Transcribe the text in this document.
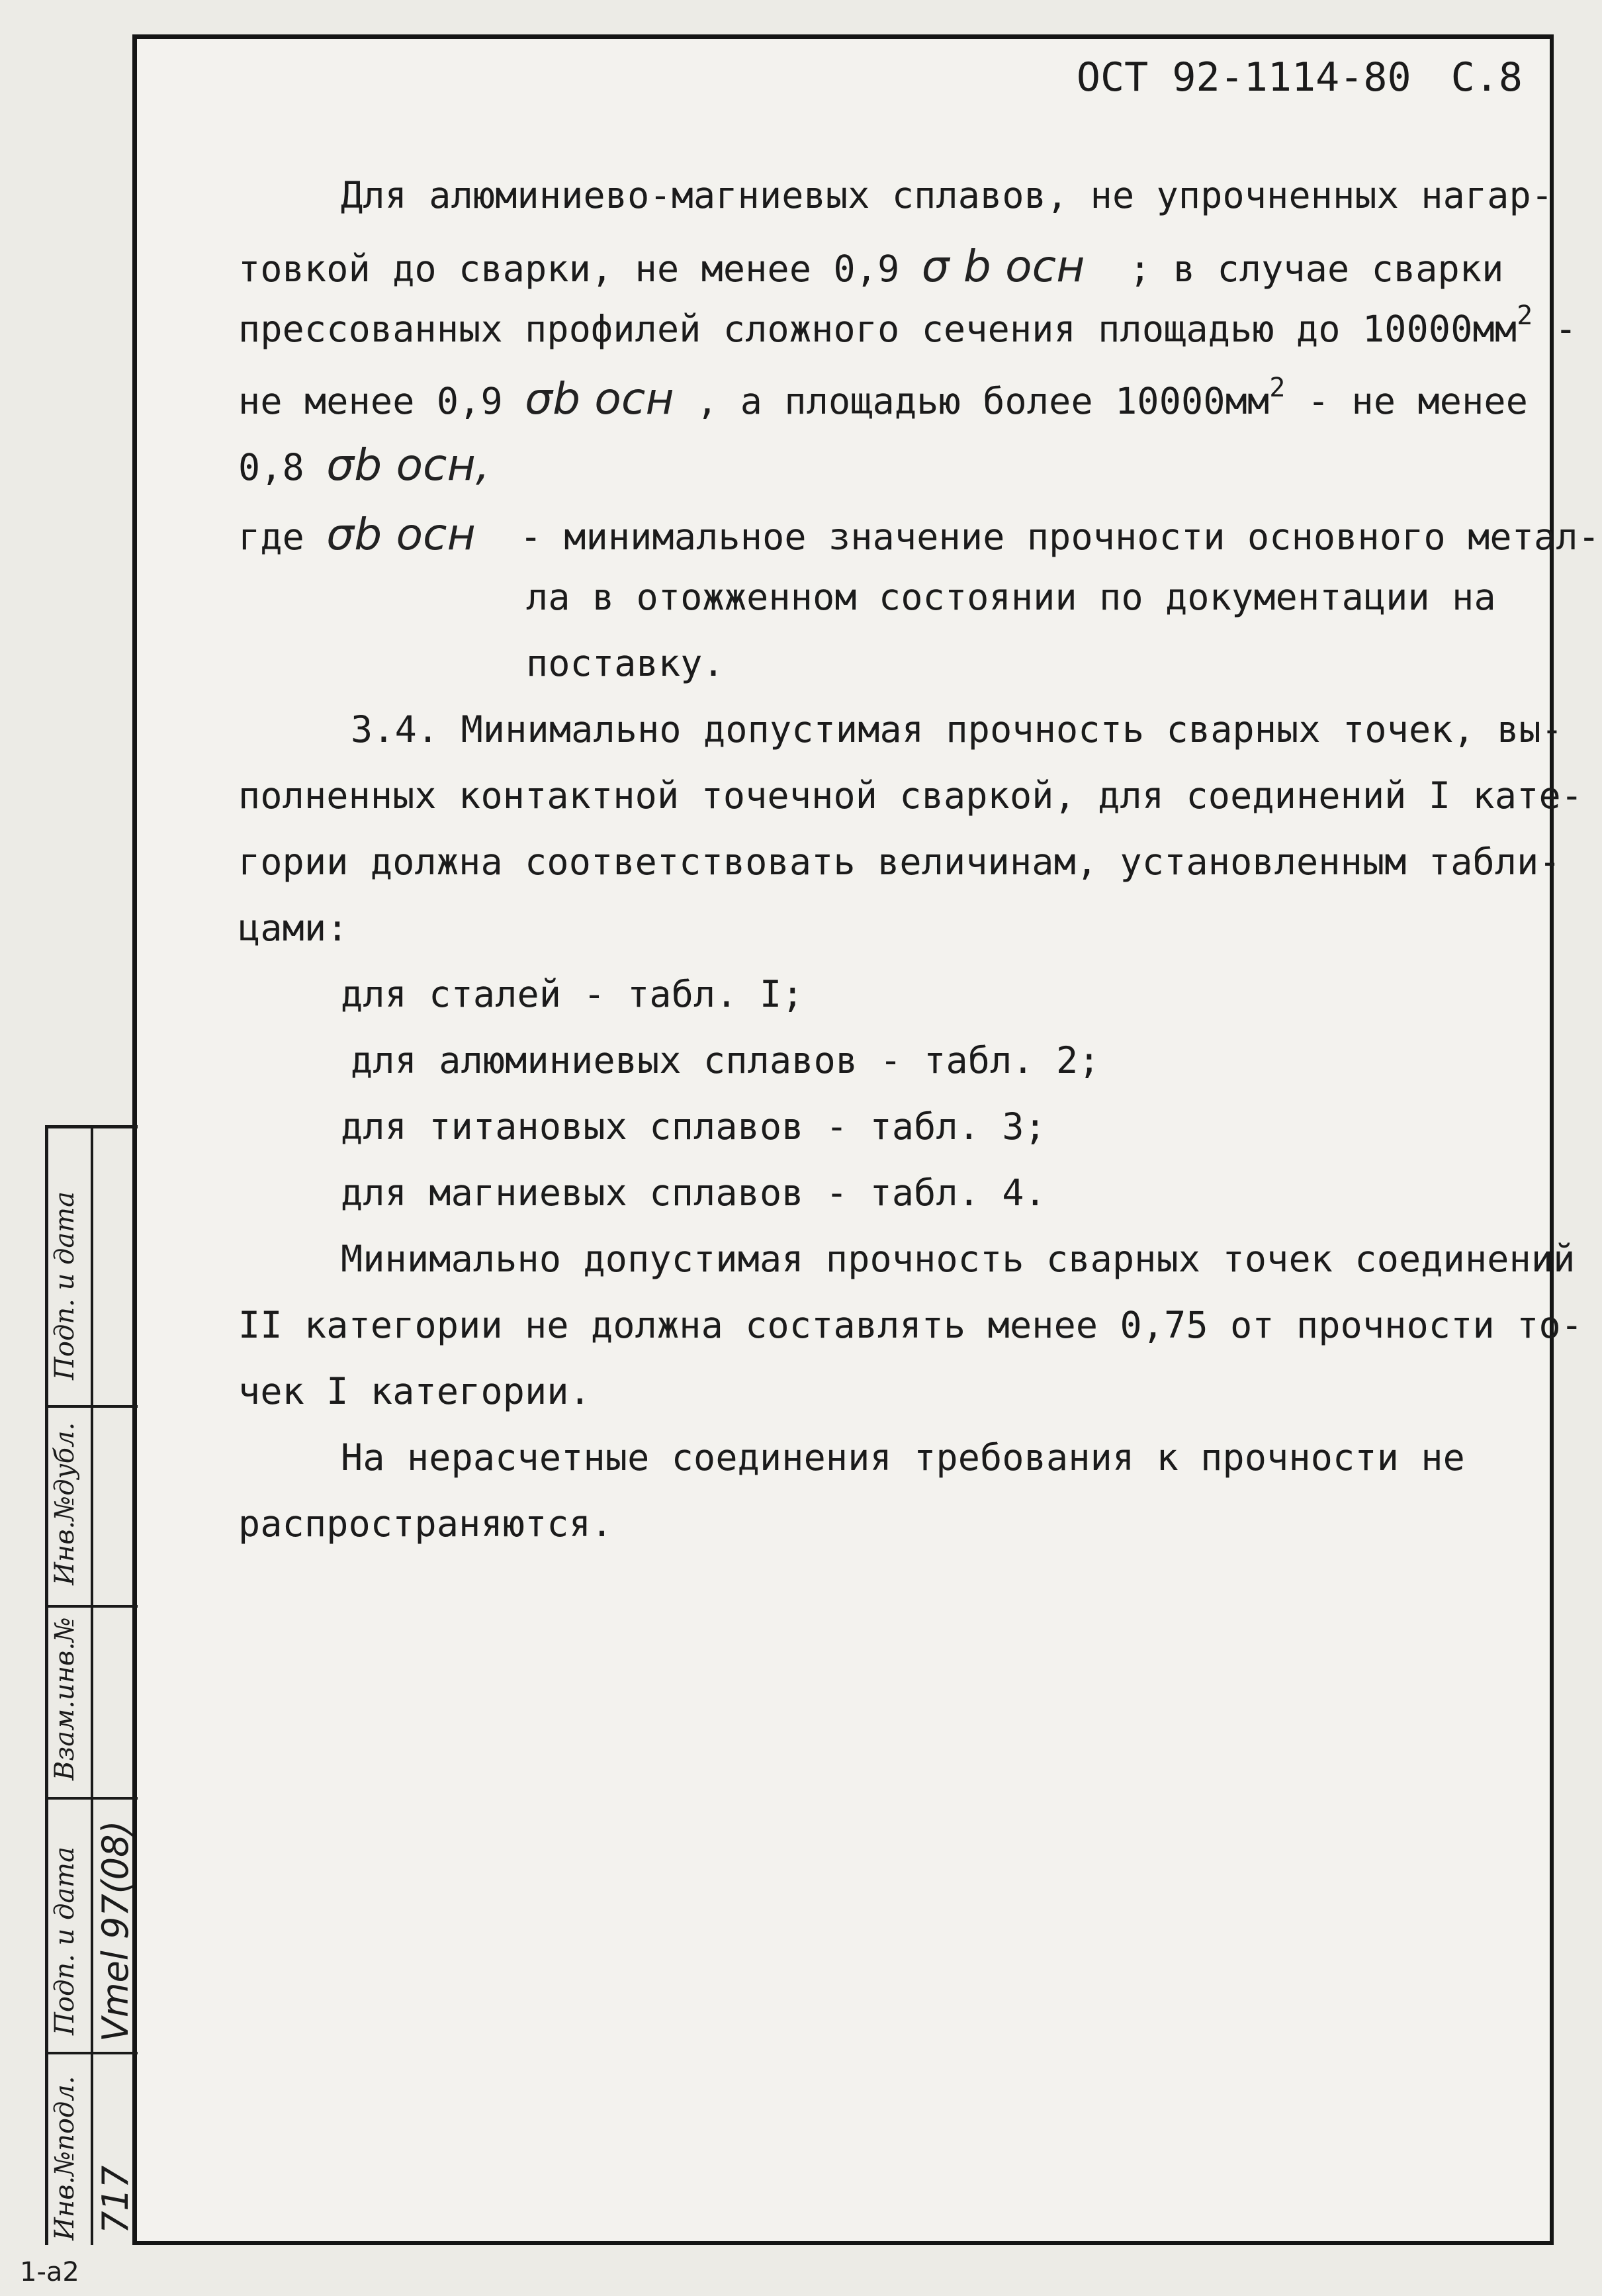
ОСТ 92-1114-80 С.8
Для алюминиево-магниевых сплавов, не упрочненных нагар-
товкой до сварки, не менее 0,9 σ b осн  ; в случае сварки
прессованных профилей сложного сечения площадью до $10000мм^2$ -
не менее 0,9 σb осн , а площадью более $10000мм^2$ - не менее
0,8 σb осн,
где σb осн  - минимальное значение прочности основного метал-
ла в отожженном состоянии по документации на
поставку.
3.4. Минимально допустимая прочность сварных точек, вы-
полненных контактной точечной сваркой, для соединений I кате-
гории должна соответствовать величинам, установленным табли-
цами:
для сталей - табл. I;
для алюминиевых сплавов - табл. 2;
для титановых сплавов - табл. 3;
для магниевых сплавов - табл. 4.
Минимально допустимая прочность сварных точек соединений
II категории не должна составлять менее 0,75 от прочности то-
чек I категории.
На нерасчетные соединения требования к прочности не
распространяются.
Подп. и дата
Инв.№дубл.
Взам.инв.№
Подп. и дата
Инв.№подл.
Vmel 97(08)
717
1-а2
